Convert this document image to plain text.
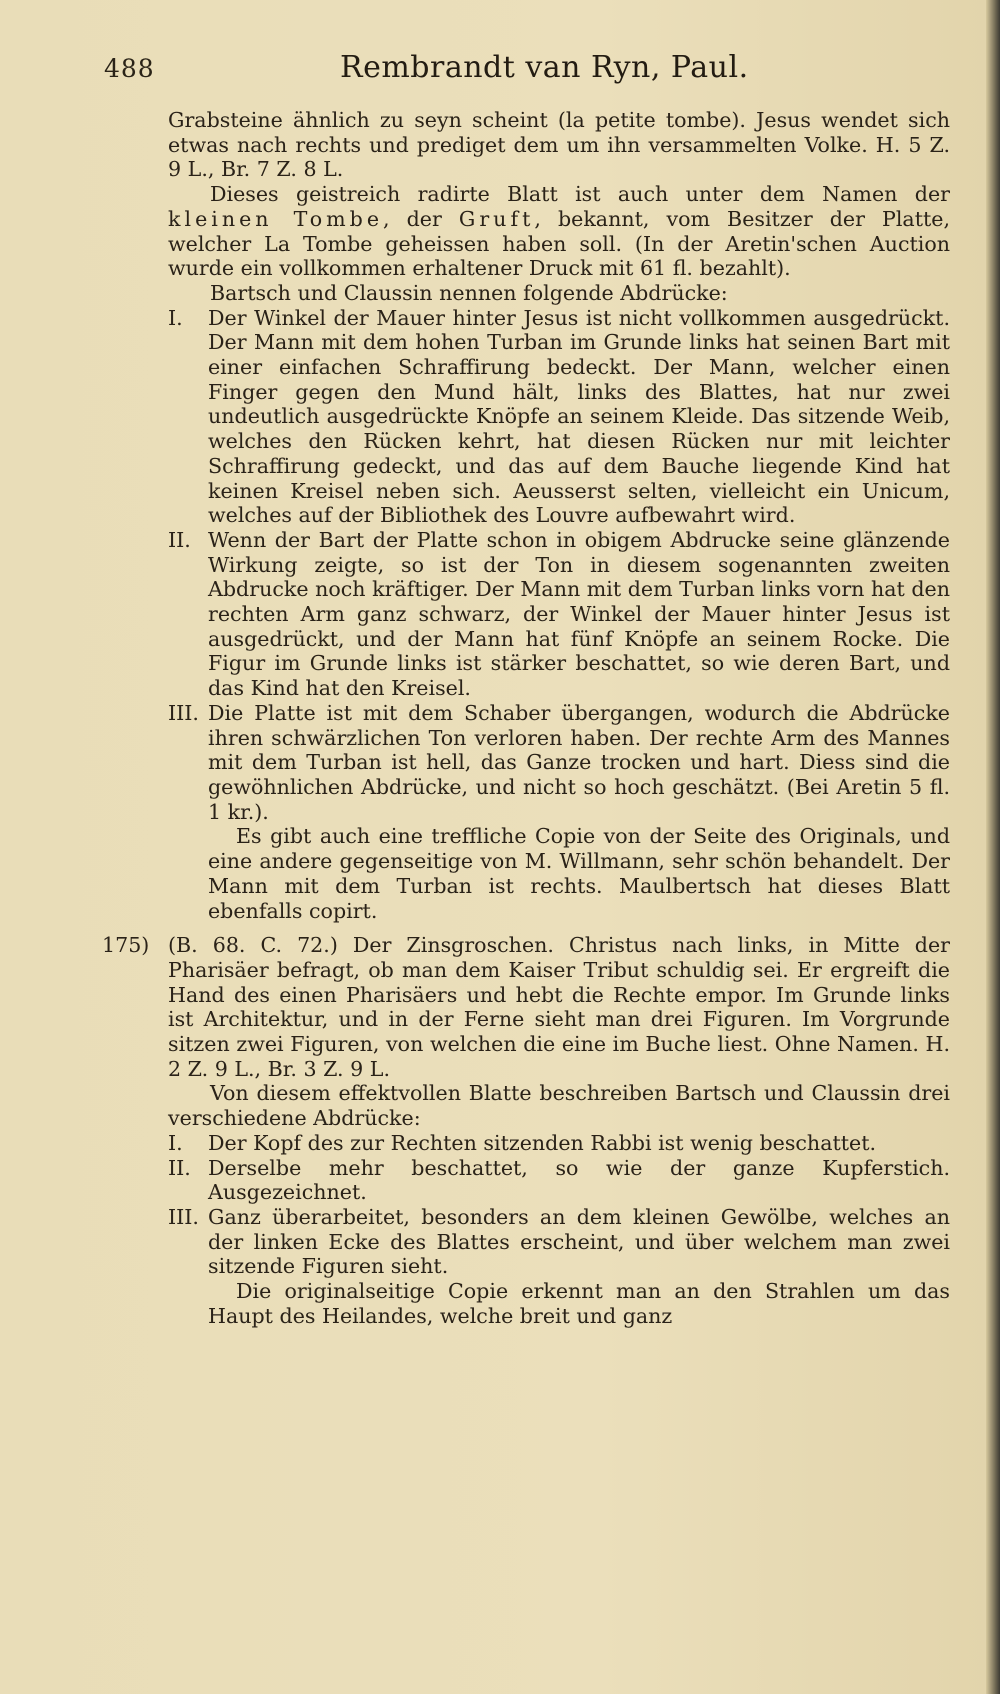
488	Rembrandt van Ryn, Paul.

Grabsteine ähnlich zu seyn scheint (la petite tombe). Jesus wendet sich etwas nach rechts und prediget dem um ihn versammelten Volke. H. 5 Z. 9 L., Br. 7 Z. 8 L.

Dieses geistreich radirte Blatt ist auch unter dem Namen der kleinen Tombe, der Gruft, bekannt, vom Besitzer der Platte, welcher La Tombe geheissen haben soll. (In der Aretin'schen Auction wurde ein vollkommen erhaltener Druck mit 61 fl. bezahlt).

Bartsch und Claussin nennen folgende Abdrücke:

I.	Der Winkel der Mauer hinter Jesus ist nicht vollkommen ausgedrückt. Der Mann mit dem hohen Turban im Grunde links hat seinen Bart mit einer einfachen Schraffirung bedeckt. Der Mann, welcher einen Finger gegen den Mund hält, links des Blattes, hat nur zwei undeutlich ausgedrückte Knöpfe an seinem Kleide. Das sitzende Weib, welches den Rücken kehrt, hat diesen Rücken nur mit leichter Schraffirung gedeckt, und das auf dem Bauche liegende Kind hat keinen Kreisel neben sich. Aeusserst selten, vielleicht ein Unicum, welches auf der Bibliothek des Louvre aufbewahrt wird.
II. Wenn der Bart der Platte schon in obigem Abdrucke seine glänzende Wirkung zeigte, so ist der Ton in diesem sogenannten zweiten Abdrucke noch kräftiger. Der Mann mit dem Turban links vorn hat den rechten Arm ganz schwarz, der Winkel der Mauer hinter Jesus ist ausgedrückt, und der Mann hat fünf Knöpfe an seinem Rocke. Die Figur im Grunde links ist stärker beschattet, so wie deren Bart, und das Kind hat den Kreisel.
III. Die Platte ist mit dem Schaber übergangen, wodurch die Abdrücke ihren schwärzlichen Ton verloren haben. Der rechte Arm des Mannes mit dem Turban ist hell, das Ganze trocken und hart. Diess sind die gewöhnlichen Abdrücke, und nicht so hoch geschätzt. (Bei Aretin 5 fl. 1 kr.).

Es gibt auch eine treffliche Copie von der Seite des Originals, und eine andere gegenseitige von M. Willmann, sehr schön behandelt. Der Mann mit dem Turban ist rechts. Maulbertsch hat dieses Blatt ebenfalls copirt.

175) (B. 68. C. 72.) Der Zinsgroschen. Christus nach links, in Mitte der Pharisäer befragt, ob man dem Kaiser Tribut schuldig sei. Er ergreift die Hand des einen Pharisäers und hebt die Rechte empor. Im Grunde links ist Architektur, und in der Ferne sieht man drei Figuren. Im Vorgrunde sitzen zwei Figuren, von welchen die eine im Buche liest. Ohne Namen. H. 2 Z. 9 L., Br. 3 Z. 9 L.

Von diesem effektvollen Blatte beschreiben Bartsch und Claussin drei verschiedene Abdrücke:

I.	Der Kopf des zur Rechten sitzenden Rabbi ist wenig beschattet.
II. Derselbe mehr beschattet, so wie der ganze Kupferstich. Ausgezeichnet.
III. Ganz überarbeitet, besonders an dem kleinen Gewölbe, welches an der linken Ecke des Blattes erscheint, und über welchem man zwei sitzende Figuren sieht.

Die originalseitige Copie erkennt man an den Strahlen um das Haupt des Heilandes, welche breit und ganz
